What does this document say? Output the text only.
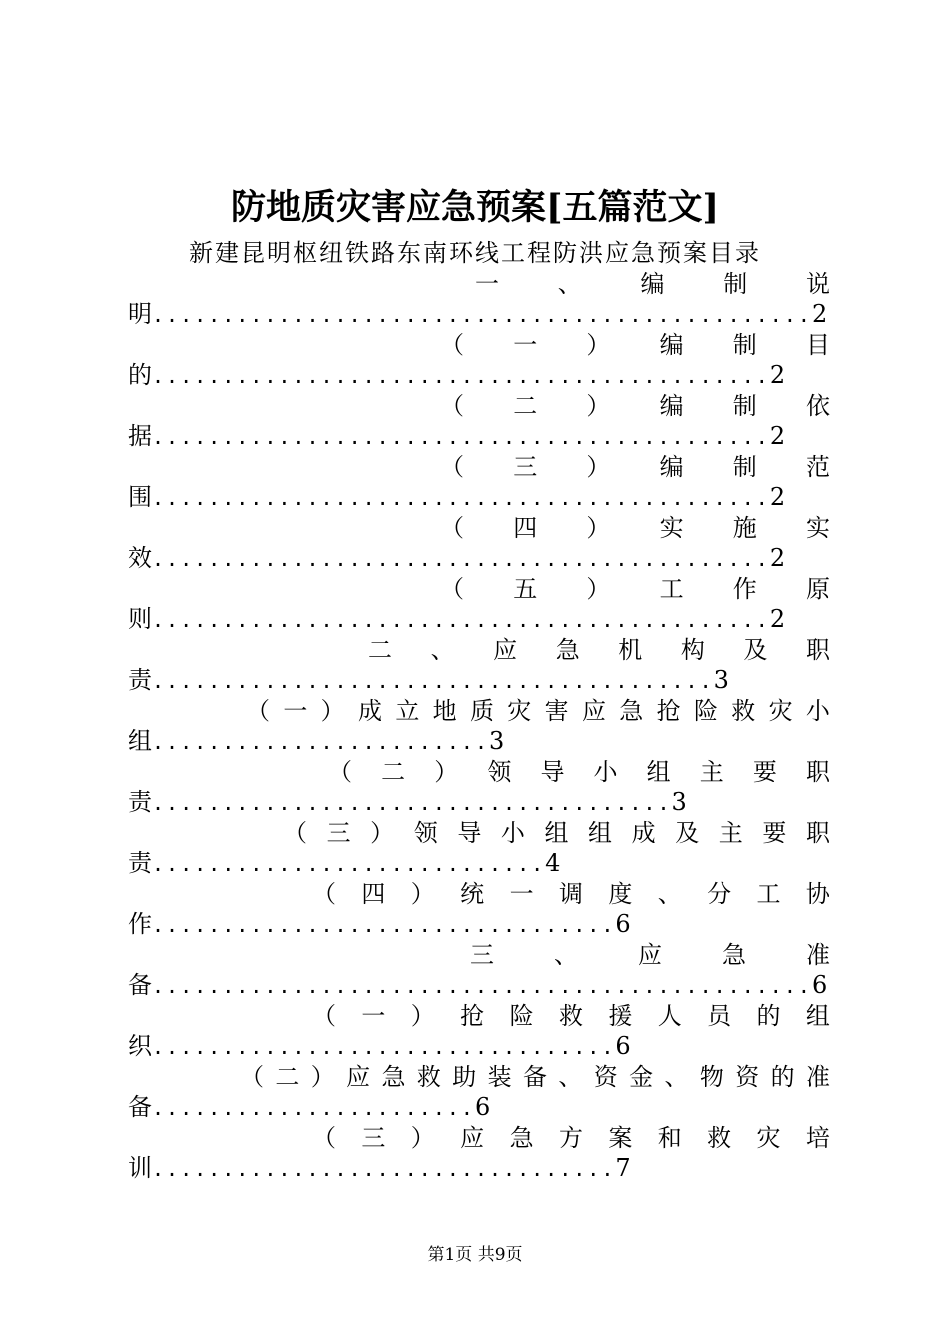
防地质灾害应急预案[五篇范文]
新建昆明枢纽铁路东南环线工程防洪应急预案目录
一 、 编 制 说
明...............................................2
（ 一 ） 编 制 目
的............................................2
（ 二 ） 编 制 依
据............................................2
（ 三 ） 编 制 范
围............................................2
（ 四 ） 实 施 实
效............................................2
（ 五 ） 工 作 原
则............................................2
二 、 应 急 机 构 及 职
责........................................3
（ 一 ） 成 立 地 质 灾 害 应 急 抢 险 救 灾 小
组........................3
（ 二 ） 领 导 小 组 主 要 职
责.....................................3
（ 三 ） 领 导 小 组 组 成 及 主 要 职
责............................4
（ 四 ） 统 一 调 度 、 分 工 协
作.................................6
三	、	应	急	准
备...............................................6
（ 一 ） 抢 险 救 援 人 员 的 组
织.................................6
（ 二 ） 应 急 救 助 装 备 、 资 金 、 物 资 的 准
备.......................6
（ 三 ） 应 急 方 案 和 救 灾 培
训.................................7
第1页 共9页
